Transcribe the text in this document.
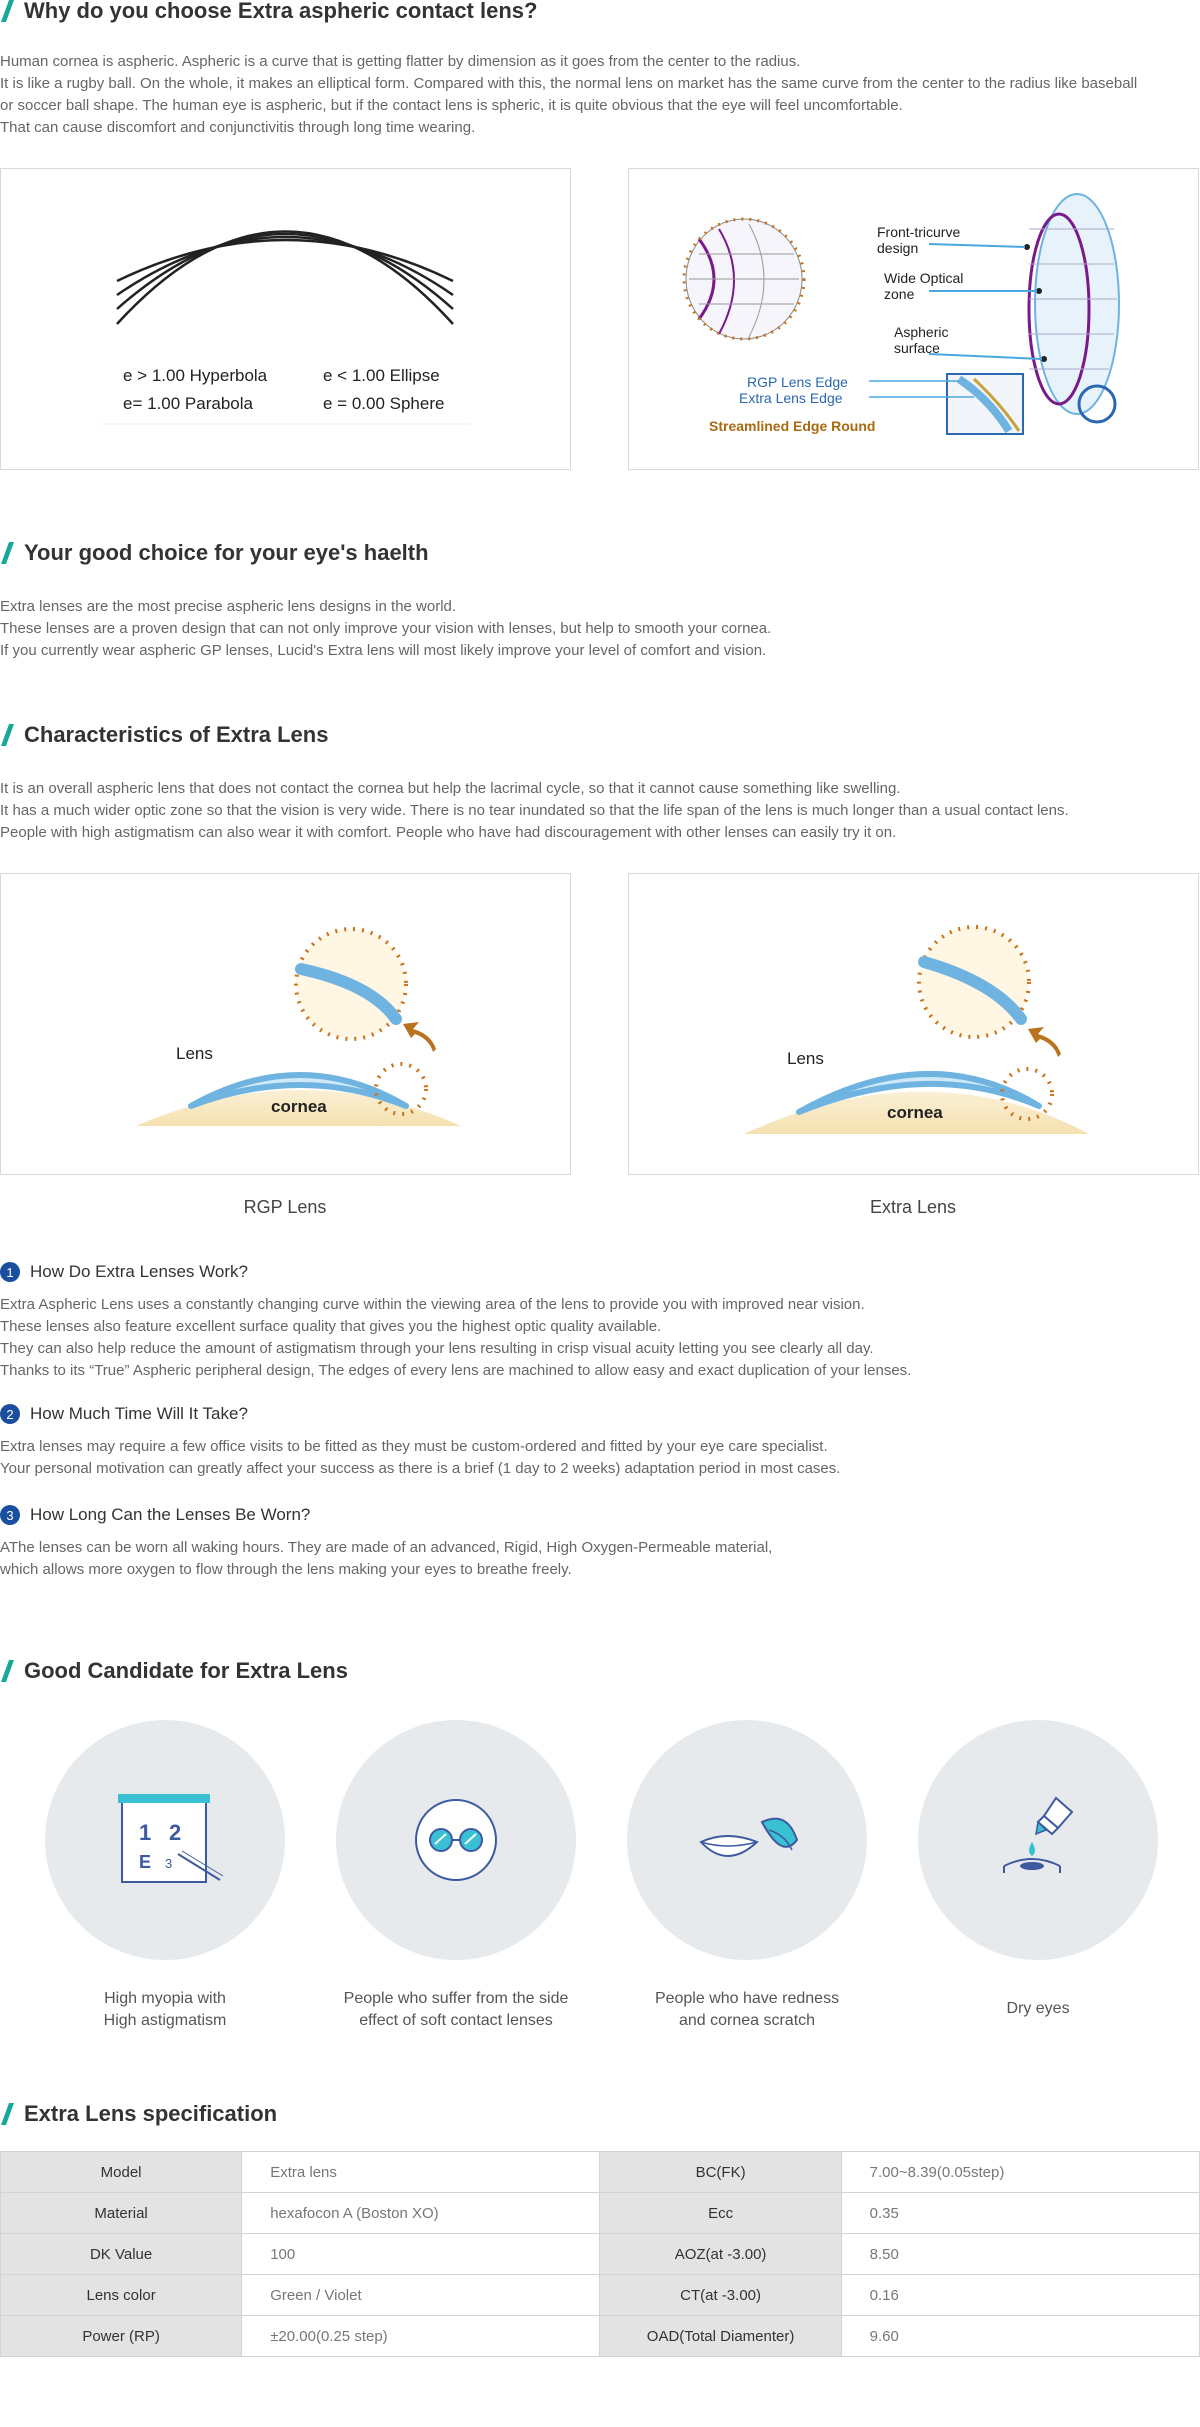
Why do you choose Extra aspheric contact lens?

Human cornea is aspheric. Aspheric is a curve that is getting flatter by dimension as it goes from the center to the radius.

It is like a rugby ball. On the whole, it makes an elliptical form. Compared with this, the normal lens on market has the same curve from the center to the radius like baseball

or soccer ball shape. The human eye is aspheric, but if the contact lens is spheric, it is quite obvious that the eye will feel uncomfortable.

That can cause discomfort and conjunctivitis through long time wearing.

e > 1.00 Hyperbola	e < 1.00 Ellipse
e= 1.00 Parabola	e = 0.00 Sphere
Front-tricurve
design
Wide Optical
zone
Aspheric
surface
RGP Lens Edge
Extra Lens Edge
Streamlined Edge Round
Your good choice for your eye's haelth

Extra lenses are the most precise aspheric lens designs in the world.

These lenses are a proven design that can not only improve your vision with lenses, but help to smooth your cornea.

If you currently wear aspheric GP lenses, Lucid's Extra lens will most likely improve your level of comfort and vision.

Characteristics of Extra Lens

It is an overall aspheric lens that does not contact the cornea but help the lacrimal cycle, so that it cannot cause something like swelling.

It has a much wider optic zone so that the vision is very wide. There is no tear inundated so that the life span of the lens is much longer than a usual contact lens.

People with high astigmatism can also wear it with comfort. People who have had discouragement with other lenses can easily try it on.

Lens
cornea
RGP Lens
Lens
cornea
Extra Lens
1 How Do Extra Lenses Work?

Extra Aspheric Lens uses a constantly changing curve within the viewing area of the lens to provide you with improved near vision.

These lenses also feature excellent surface quality that gives you the highest optic quality available.

They can also help reduce the amount of astigmatism through your lens resulting in crisp visual acuity letting you see clearly all day.

Thanks to its “True” Aspheric peripheral design, The edges of every lens are machined to allow easy and exact duplication of your lenses.

2 How Much Time Will It Take?

Extra lenses may require a few office visits to be fitted as they must be custom-ordered and fitted by your eye care specialist.

Your personal motivation can greatly affect your success as there is a brief (1 day to 2 weeks) adaptation period in most cases.

3 How Long Can the Lenses Be Worn?

AThe lenses can be worn all waking hours. They are made of an advanced, Rigid, High Oxygen-Permeable material,

which allows more oxygen to flow through the lens making your eyes to breathe freely.

Good Candidate for Extra Lens
1 2
E 3
High myopia with
High astigmatism
People who suffer from the side
effect of soft contact lenses
People who have redness
and cornea scratch
Dry eyes
Extra Lens specification
Model	Extra lens	BC(FK)	7.00~8.39(0.05step)
Material	hexafocon A (Boston XO)	Ecc	0.35
DK Value	100	AOZ(at -3.00)	8.50
Lens color	Green / Violet	CT(at -3.00)	0.16
Power (RP)	±20.00(0.25 step)	OAD(Total Diamenter)	9.60
